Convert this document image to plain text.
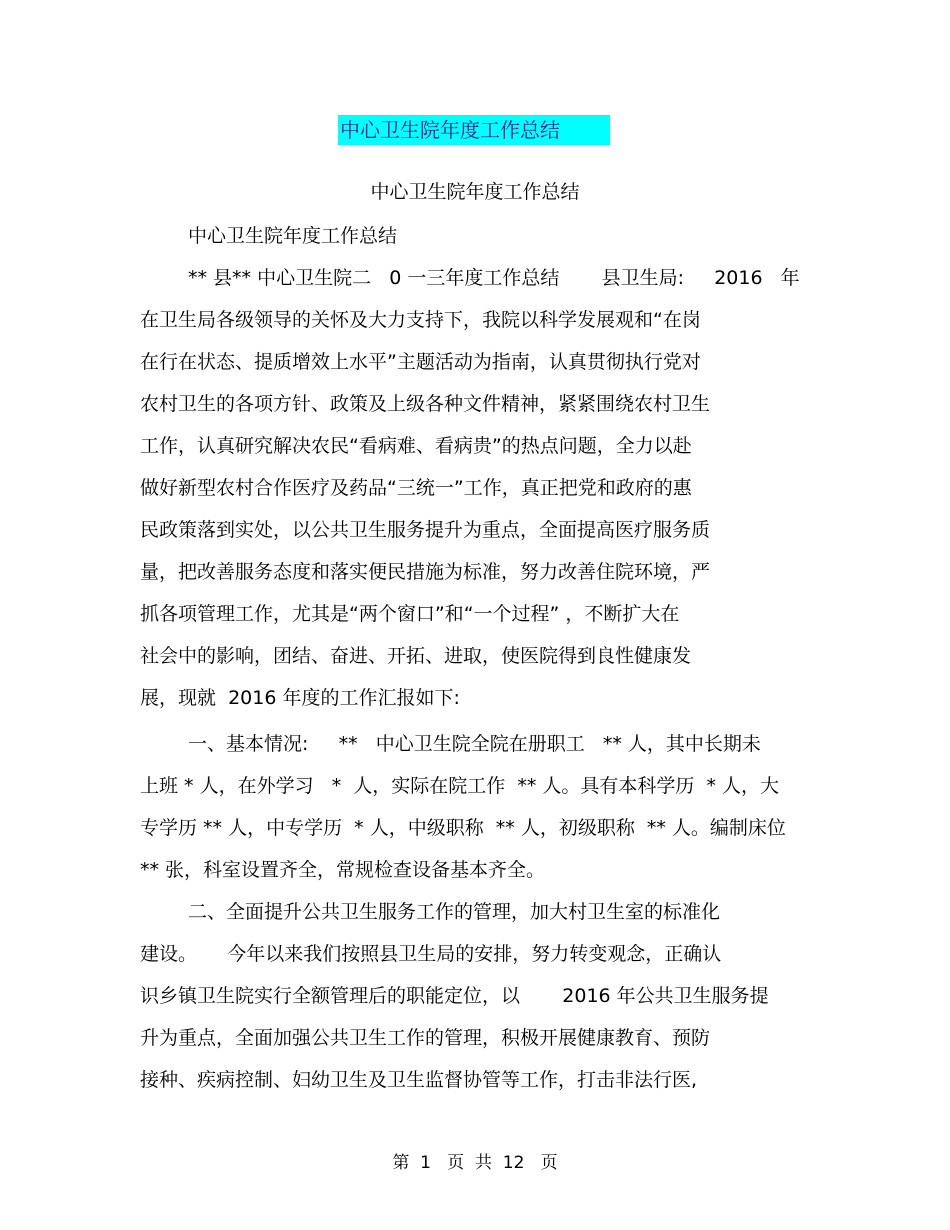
中心卫生院年度工作总结
中心卫生院年度工作总结
中心卫生院年度工作总结
** 县** 中心卫生院二   0 一三年度工作总结       县卫生局:     2016   年
在卫生局各级领导的关怀及大力支持下，我院以科学发展观和“在岗
在行在状态、提质增效上水平”主题活动为指南，认真贯彻执行党对
农村卫生的各项方针、政策及上级各种文件精神，紧紧围绕农村卫生
工作，认真研究解决农民“看病难、看病贵”的热点问题，全力以赴
做好新型农村合作医疗及药品“三统一”工作，真正把党和政府的惠
民政策落到实处，以公共卫生服务提升为重点，全面提高医疗服务质
量，把改善服务态度和落实便民措施为标准，努力改善住院环境，严
抓各项管理工作，尤其是“两个窗口”和“一个过程” ，不断扩大在
社会中的影响，团结、奋进、开拓、进取，使医院得到良性健康发
展，现就  2016 年度的工作汇报如下:
一、基本情况:     **   中心卫生院全院在册职工   ** 人，其中长期未
上班 * 人，在外学习   *  人，实际在院工作  ** 人。具有本科学历  * 人，大
专学历 ** 人，中专学历  * 人，中级职称  ** 人，初级职称  ** 人。编制床位
** 张，科室设置齐全，常规检查设备基本齐全。
二、全面提升公共卫生服务工作的管理，加大村卫生室的标准化
建设。     今年以来我们按照县卫生局的安排，努力转变观念，正确认
识乡镇卫生院实行全额管理后的职能定位，以       2016 年公共卫生服务提
升为重点，全面加强公共卫生工作的管理，积极开展健康教育、预防
接种、疾病控制、妇幼卫生及卫生监督协管等工作，打击非法行医,
第  1   页  共  12   页
